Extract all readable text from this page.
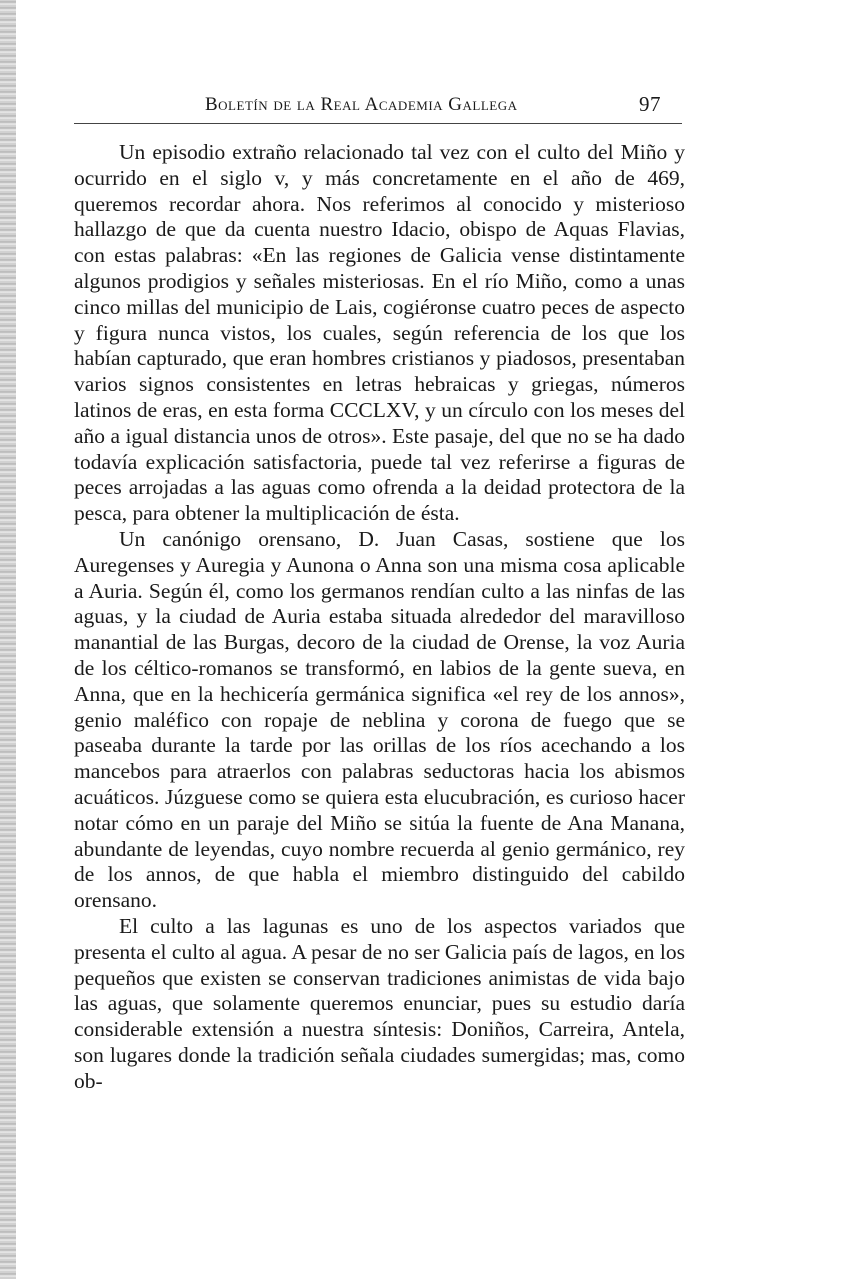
Boletín de la Real Academia Gallega	97

Un episodio extraño relacionado tal vez con el culto del Miño y ocurrido en el siglo v, y más concretamente en el año de 469, queremos recordar ahora. Nos referimos al conocido y misterioso hallazgo de que da cuenta nuestro Idacio, obispo de Aquas Flavias, con estas palabras: «En las regiones de Galicia vense distintamente algunos prodigios y señales misteriosas. En el río Miño, como a unas cinco millas del municipio de Lais, cogiéronse cuatro peces de aspecto y figura nunca vistos, los cuales, según referencia de los que los habían capturado, que eran hombres cristianos y piadosos, presentaban varios signos consistentes en letras hebraicas y griegas, números latinos de eras, en esta forma CCCLXV, y un círculo con los meses del año a igual distancia unos de otros». Este pasaje, del que no se ha dado todavía explicación satisfactoria, puede tal vez referirse a figuras de peces arrojadas a las aguas como ofrenda a la deidad protectora de la pesca, para obtener la multiplicación de ésta.

Un canónigo orensano, D. Juan Casas, sostiene que los Auregenses y Auregia y Aunona o Anna son una misma cosa aplicable a Auria. Según él, como los germanos rendían culto a las ninfas de las aguas, y la ciudad de Auria estaba situada alrededor del maravilloso manantial de las Burgas, decoro de la ciudad de Orense, la voz Auria de los céltico-romanos se transformó, en labios de la gente sueva, en Anna, que en la hechicería germánica significa «el rey de los annos», genio maléfico con ropaje de neblina y corona de fuego que se paseaba durante la tarde por las orillas de los ríos acechando a los mancebos para atraerlos con palabras seductoras hacia los abismos acuáticos. Júzguese como se quiera esta elucubración, es curioso hacer notar cómo en un paraje del Miño se sitúa la fuente de Ana Manana, abundante de leyendas, cuyo nombre recuerda al genio germánico, rey de los annos, de que habla el miembro distinguido del cabildo orensano.

El culto a las lagunas es uno de los aspectos variados que presenta el culto al agua. A pesar de no ser Galicia país de lagos, en los pequeños que existen se conservan tradiciones animistas de vida bajo las aguas, que solamente queremos enunciar, pues su estudio daría considerable extensión a nuestra síntesis: Doniños, Carreira, Antela, son lugares donde la tradición señala ciudades sumergidas; mas, como ob-
